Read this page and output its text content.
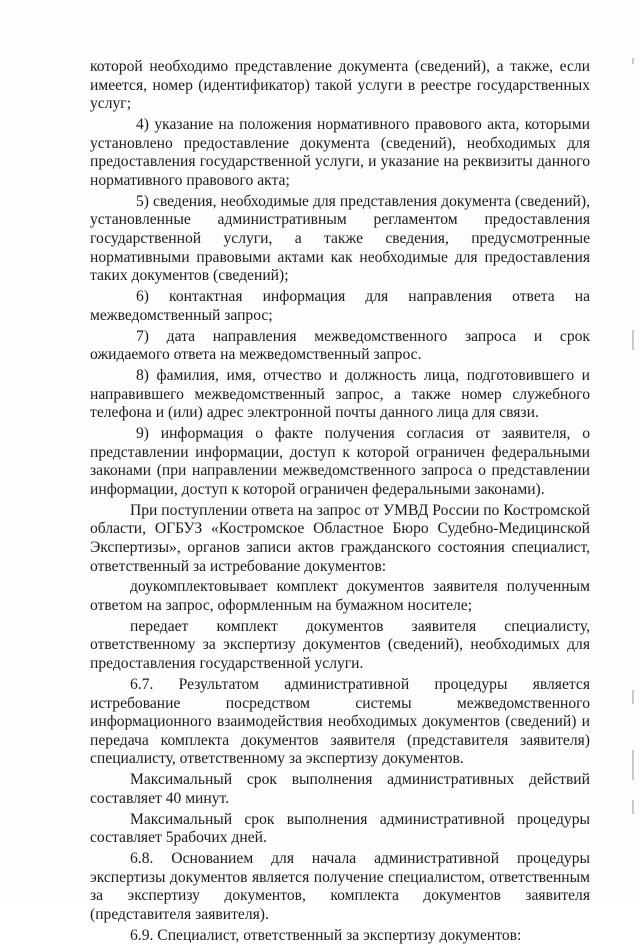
которой необходимо представление документа (сведений), а также, если имеется, номер (идентификатор) такой услуги в реестре государственных услуг;

4) указание на положения нормативного правового акта, которыми установлено предоставление документа (сведений), необходимых для предоставления государственной услуги, и указание на реквизиты данного нормативного правового акта;

5) сведения, необходимые для представления документа (сведений), установленные административным регламентом предоставления государственной услуги, а также сведения, предусмотренные нормативными правовыми актами как необходимые для предоставления таких документов (сведений);

6) контактная информация для направления ответа на межведомственный запрос;

7) дата направления межведомственного запроса и срок ожидаемого ответа на межведомственный запрос.

8) фамилия, имя, отчество и должность лица, подготовившего и направившего межведомственный запрос, а также номер служебного телефона и (или) адрес электронной почты данного лица для связи.

9) информация о факте получения согласия от заявителя, о представлении информации, доступ к которой ограничен федеральными законами (при направлении межведомственного запроса о представлении информации, доступ к которой ограничен федеральными законами).

При поступлении ответа на запрос от УМВД России по Костромской области, ОГБУЗ «Костромское Областное Бюро Судебно-Медицинской Экспертизы», органов записи актов гражданского состояния специалист, ответственный за истребование документов:

доукомплектовывает комплект документов заявителя полученным ответом на запрос, оформленным на бумажном носителе;

передает комплект документов заявителя специалисту, ответственному за экспертизу документов (сведений), необходимых для предоставления государственной услуги.

6.7. Результатом административной процедуры является истребование посредством системы межведомственного информационного взаимодействия необходимых документов (сведений) и передача комплекта документов заявителя (представителя заявителя) специалисту, ответственному за экспертизу документов.

Максимальный срок выполнения административных действий составляет 40 минут.

Максимальный срок выполнения административной процедуры составляет 5рабочих дней.

6.8. Основанием для начала административной процедуры экспертизы документов является получение специалистом, ответственным за экспертизу документов, комплекта документов заявителя (представителя заявителя).

6.9. Специалист, ответственный за экспертизу документов:
